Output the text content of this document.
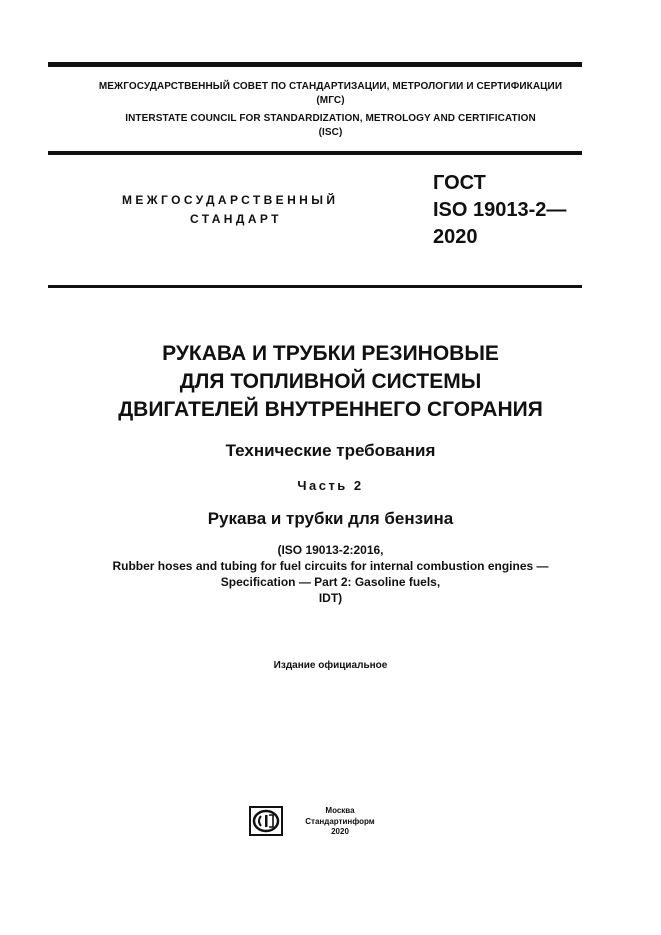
МЕЖГОСУДАРСТВЕННЫЙ СОВЕТ ПО СТАНДАРТИЗАЦИИ, МЕТРОЛОГИИ И СЕРТИФИКАЦИИ
(МГС)
INTERSTATE COUNCIL FOR STANDARDIZATION, METROLOGY AND CERTIFICATION
(ISC)
МЕЖГОСУДАРСТВЕННЫЙ
СТАНДАРТ
ГОСТ
ISO 19013-2—
2020
РУКАВА И ТРУБКИ РЕЗИНОВЫЕ
ДЛЯ ТОПЛИВНОЙ СИСТЕМЫ
ДВИГАТЕЛЕЙ ВНУТРЕННЕГО СГОРАНИЯ
Технические требования
Часть 2
Рукава и трубки для бензина
(ISO 19013-2:2016,
Rubber hoses and tubing for fuel circuits for internal combustion engines —
Specification — Part 2: Gasoline fuels,
IDT)
Издание официальное
Москва
Стандартинформ
2020
